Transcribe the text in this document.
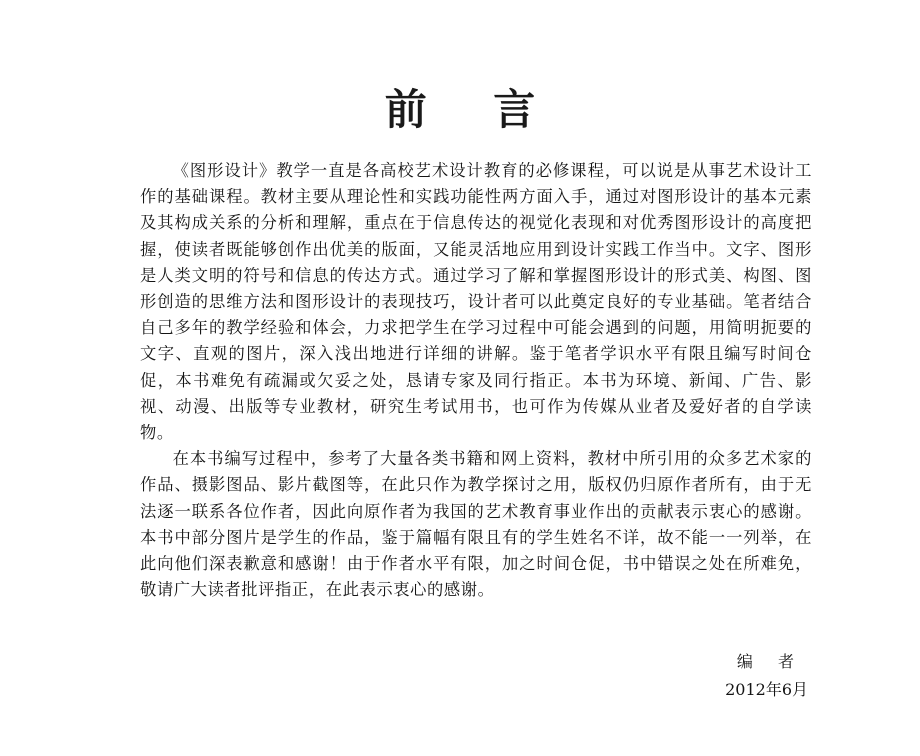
前 言

《图形设计》教学一直是各高校艺术设计教育的必修课程，可以说是从事艺术设计工作的基础课程。教材主要从理论性和实践功能性两方面入手，通过对图形设计的基本元素及其构成关系的分析和理解，重点在于信息传达的视觉化表现和对优秀图形设计的高度把握，使读者既能够创作出优美的版面，又能灵活地应用到设计实践工作当中。文字、图形是人类文明的符号和信息的传达方式。通过学习了解和掌握图形设计的形式美、构图、图形创造的思维方法和图形设计的表现技巧，设计者可以此奠定良好的专业基础。笔者结合自己多年的教学经验和体会，力求把学生在学习过程中可能会遇到的问题，用简明扼要的文字、直观的图片，深入浅出地进行详细的讲解。鉴于笔者学识水平有限且编写时间仓促，本书难免有疏漏或欠妥之处，恳请专家及同行指正。本书为环境、新闻、广告、影视、动漫、出版等专业教材，研究生考试用书，也可作为传媒从业者及爱好者的自学读物。

在本书编写过程中，参考了大量各类书籍和网上资料，教材中所引用的众多艺术家的作品、摄影图品、影片截图等，在此只作为教学探讨之用，版权仍归原作者所有，由于无法逐一联系各位作者，因此向原作者为我国的艺术教育事业作出的贡献表示衷心的感谢。本书中部分图片是学生的作品，鉴于篇幅有限且有的学生姓名不详，故不能一一列举，在此向他们深表歉意和感谢！由于作者水平有限，加之时间仓促，书中错误之处在所难免，敬请广大读者批评指正，在此表示衷心的感谢。

编 者
2012年6月
